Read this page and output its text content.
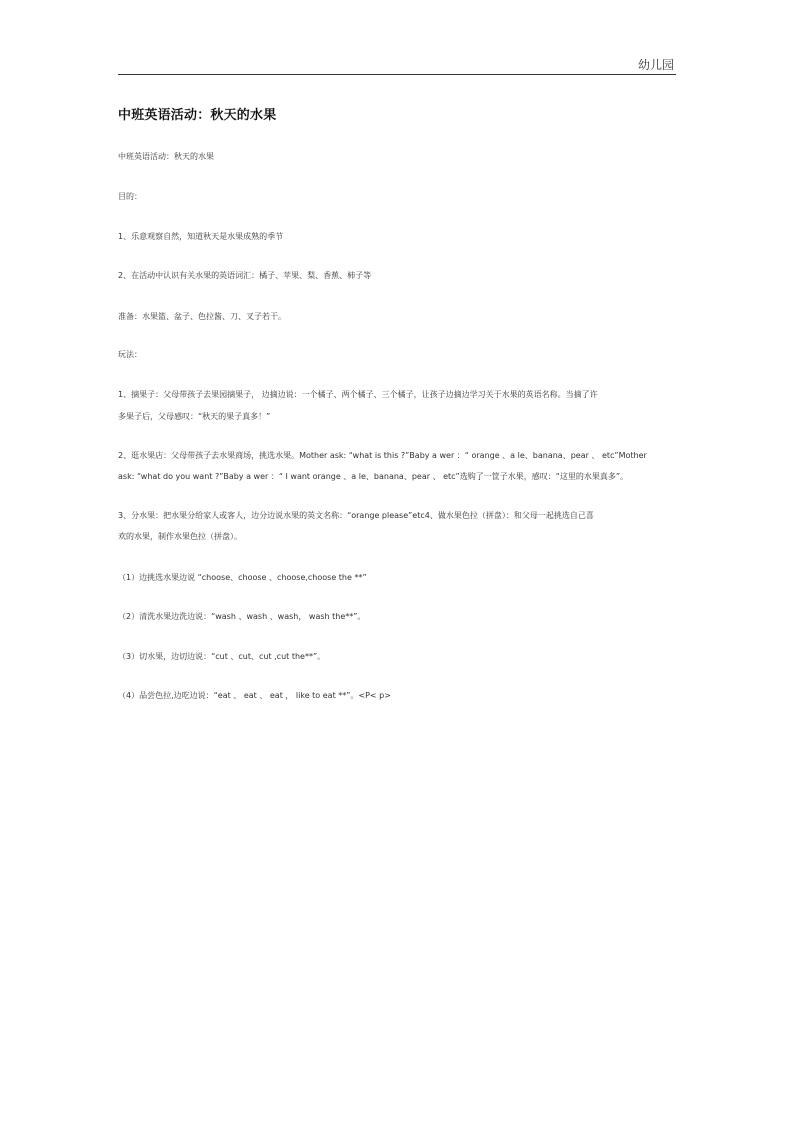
幼儿园
中班英语活动：秋天的水果
中班英语活动：秋天的水果
目的：
1、乐意观察自然，知道秋天是水果成熟的季节
2、在活动中认识有关水果的英语词汇：橘子、苹果、梨、香蕉、柿子等
准备：水果篮、盆子、色拉酱、刀、叉子若干。
玩法：
1、摘果子：父母带孩子去果园摘果子， 边摘边说：一个橘子、两个橘子、三个橘子，让孩子边摘边学习关于水果的英语名称。当摘了许
多果子后，父母感叹：“秋天的果子真多！”
2、逛水果店：父母带孩子去水果商场，挑选水果。Mother ask: “what is this ?”Baby a wer ：“ orange 、a le、banana、pear 、 etc”Mother
ask: “what do you want ?”Baby a wer ：“ I want orange 、a le、banana、pear 、 etc”选购了一筐子水果，感叹：“这里的水果真多”。
3、分水果：把水果分给家人或客人，边分边说水果的英文名称：“orange please”etc4、做水果色拉（拼盘）：和父母一起挑选自己喜
欢的水果，制作水果色拉（拼盘）。
（1）边挑选水果边说 “choose、choose 、choose,choose the **”
（2）清洗水果边洗边说：“wash 、wash 、wash， wash the**”。
（3）切水果，边切边说：“cut 、cut、cut ,cut the**”。
（4）品尝色拉,边吃边说：“eat 、 eat 、 eat ， like to eat **”。<P< p>
